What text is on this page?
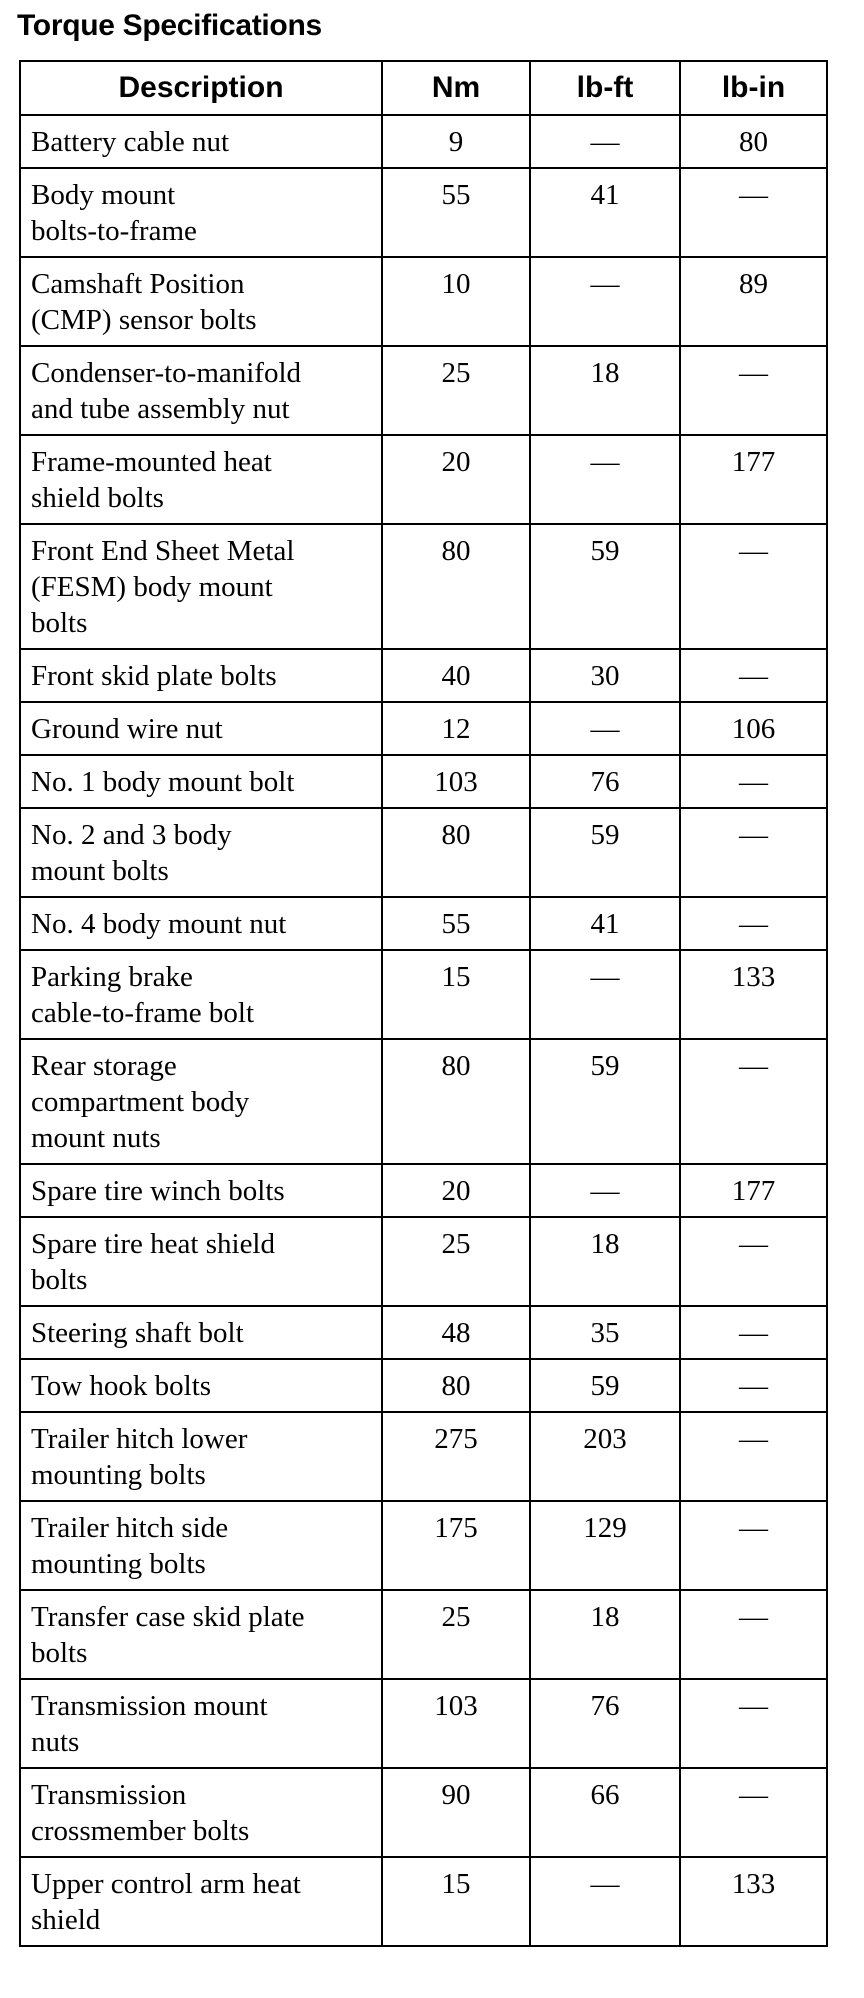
Torque Specifications
Description	Nm	lb-ft	lb-in
Battery cable nut	9	—	80
Body mount
bolts-to-frame	55	41	—
Camshaft Position
(CMP) sensor bolts	10	—	89
Condenser-to-manifold
and tube assembly nut	25	18	—
Frame-mounted heat
shield bolts	20	—	177
Front End Sheet Metal
(FESM) body mount
bolts	80	59	—
Front skid plate bolts	40	30	—
Ground wire nut	12	—	106
No. 1 body mount bolt	103	76	—
No. 2 and 3 body
mount bolts	80	59	—
No. 4 body mount nut	55	41	—
Parking brake
cable-to-frame bolt	15	—	133
Rear storage
compartment body
mount nuts	80	59	—
Spare tire winch bolts	20	—	177
Spare tire heat shield
bolts	25	18	—
Steering shaft bolt	48	35	—
Tow hook bolts	80	59	—
Trailer hitch lower
mounting bolts	275	203	—
Trailer hitch side
mounting bolts	175	129	—
Transfer case skid plate
bolts	25	18	—
Transmission mount
nuts	103	76	—
Transmission
crossmember bolts	90	66	—
Upper control arm heat
shield	15	—	133
